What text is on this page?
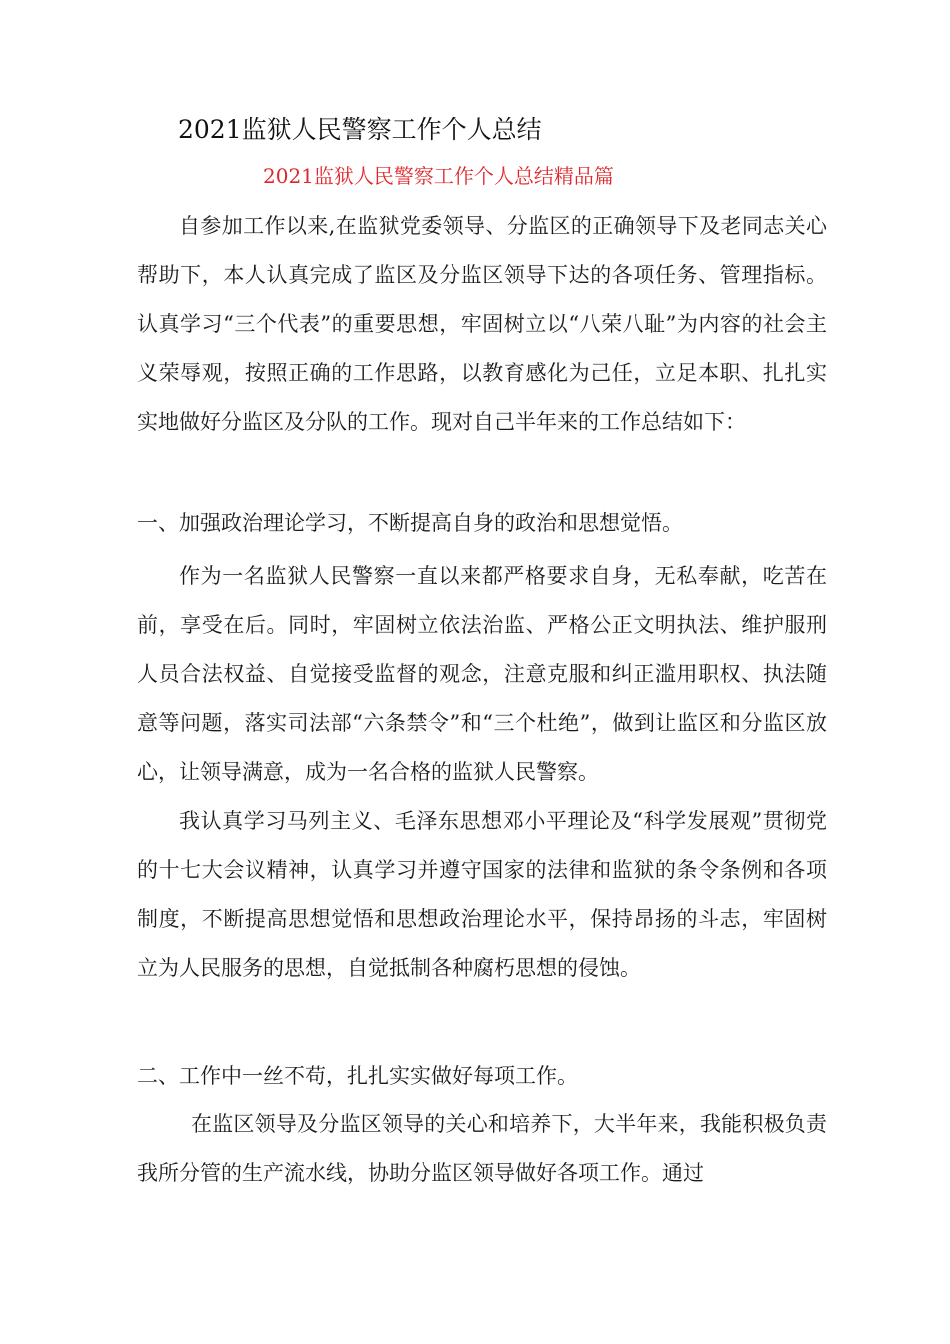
2021监狱人民警察工作个人总结
2021监狱人民警察工作个人总结精品篇

自参加工作以来,在监狱党委领导、分监区的正确领导下及老同志关心帮助下，本人认真完成了监区及分监区领导下达的各项任务、管理指标。认真学习“三个代表”的重要思想，牢固树立以“八荣八耻”为内容的社会主义荣辱观，按照正确的工作思路，以教育感化为己任，立足本职、扎扎实实地做好分监区及分队的工作。现对自己半年来的工作总结如下：

一、加强政治理论学习，不断提高自身的政治和思想觉悟。

作为一名监狱人民警察一直以来都严格要求自身，无私奉献，吃苦在前，享受在后。同时，牢固树立依法治监、严格公正文明执法、维护服刑人员合法权益、自觉接受监督的观念，注意克服和纠正滥用职权、执法随意等问题，落实司法部“六条禁令”和“三个杜绝”，做到让监区和分监区放心，让领导满意，成为一名合格的监狱人民警察。

我认真学习马列主义、毛泽东思想邓小平理论及“科学发展观”贯彻党的十七大会议精神，认真学习并遵守国家的法律和监狱的条令条例和各项制度，不断提高思想觉悟和思想政治理论水平，保持昂扬的斗志，牢固树立为人民服务的思想，自觉抵制各种腐朽思想的侵蚀。

二、工作中一丝不苟，扎扎实实做好每项工作。

在监区领导及分监区领导的关心和培养下，大半年来，我能积极负责我所分管的生产流水线，协助分监区领导做好各项工作。通过
